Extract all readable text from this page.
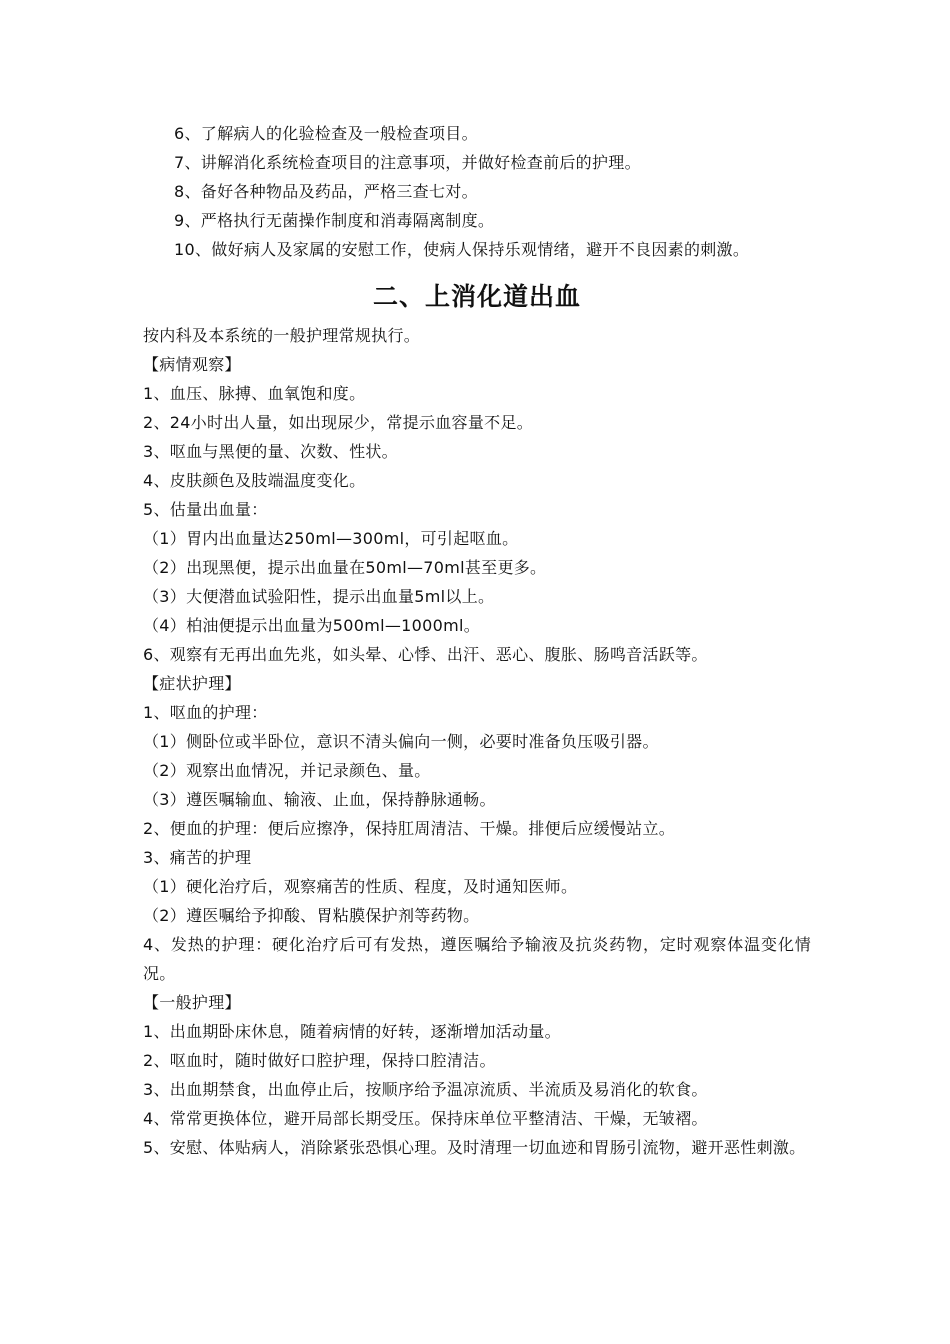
6、了解病人的化验检查及一般检查项目。
7、讲解消化系统检查项目的注意事项，并做好检查前后的护理。
8、备好各种物品及药品，严格三查七对。
9、严格执行无菌操作制度和消毒隔离制度。
10、做好病人及家属的安慰工作，使病人保持乐观情绪，避开不良因素的刺激。
二、上消化道出血
按内科及本系统的一般护理常规执行。
【病情观察】
1、血压、脉搏、血氧饱和度。
2、24小时出人量，如出现尿少，常提示血容量不足。
3、呕血与黑便的量、次数、性状。
4、皮肤颜色及肢端温度变化。
5、估量出血量：
（1）胃内出血量达250ml—300ml，可引起呕血。
（2）出现黑便，提示出血量在50ml—70ml甚至更多。
（3）大便潜血试验阳性，提示出血量5ml以上。
（4）柏油便提示出血量为500ml—1000ml。
6、观察有无再出血先兆，如头晕、心悸、出汗、恶心、腹胀、肠鸣音活跃等。
【症状护理】
1、呕血的护理：
（1）侧卧位或半卧位，意识不清头偏向一侧，必要时准备负压吸引器。
（2）观察出血情况，并记录颜色、量。
（3）遵医嘱输血、输液、止血，保持静脉通畅。
2、便血的护理：便后应擦净，保持肛周清洁、干燥。排便后应缓慢站立。
3、痛苦的护理
（1）硬化治疗后，观察痛苦的性质、程度，及时通知医师。
（2）遵医嘱给予抑酸、胃粘膜保护剂等药物。
4、发热的护理：硬化治疗后可有发热，遵医嘱给予输液及抗炎药物，定时观察体温变化情况。
【一般护理】
1、出血期卧床休息，随着病情的好转，逐渐增加活动量。
2、呕血时，随时做好口腔护理，保持口腔清洁。
3、出血期禁食，出血停止后，按顺序给予温凉流质、半流质及易消化的软食。
4、常常更换体位，避开局部长期受压。保持床单位平整清洁、干燥，无皱褶。
5、安慰、体贴病人，消除紧张恐惧心理。及时清理一切血迹和胃肠引流物，避开恶性刺激。
